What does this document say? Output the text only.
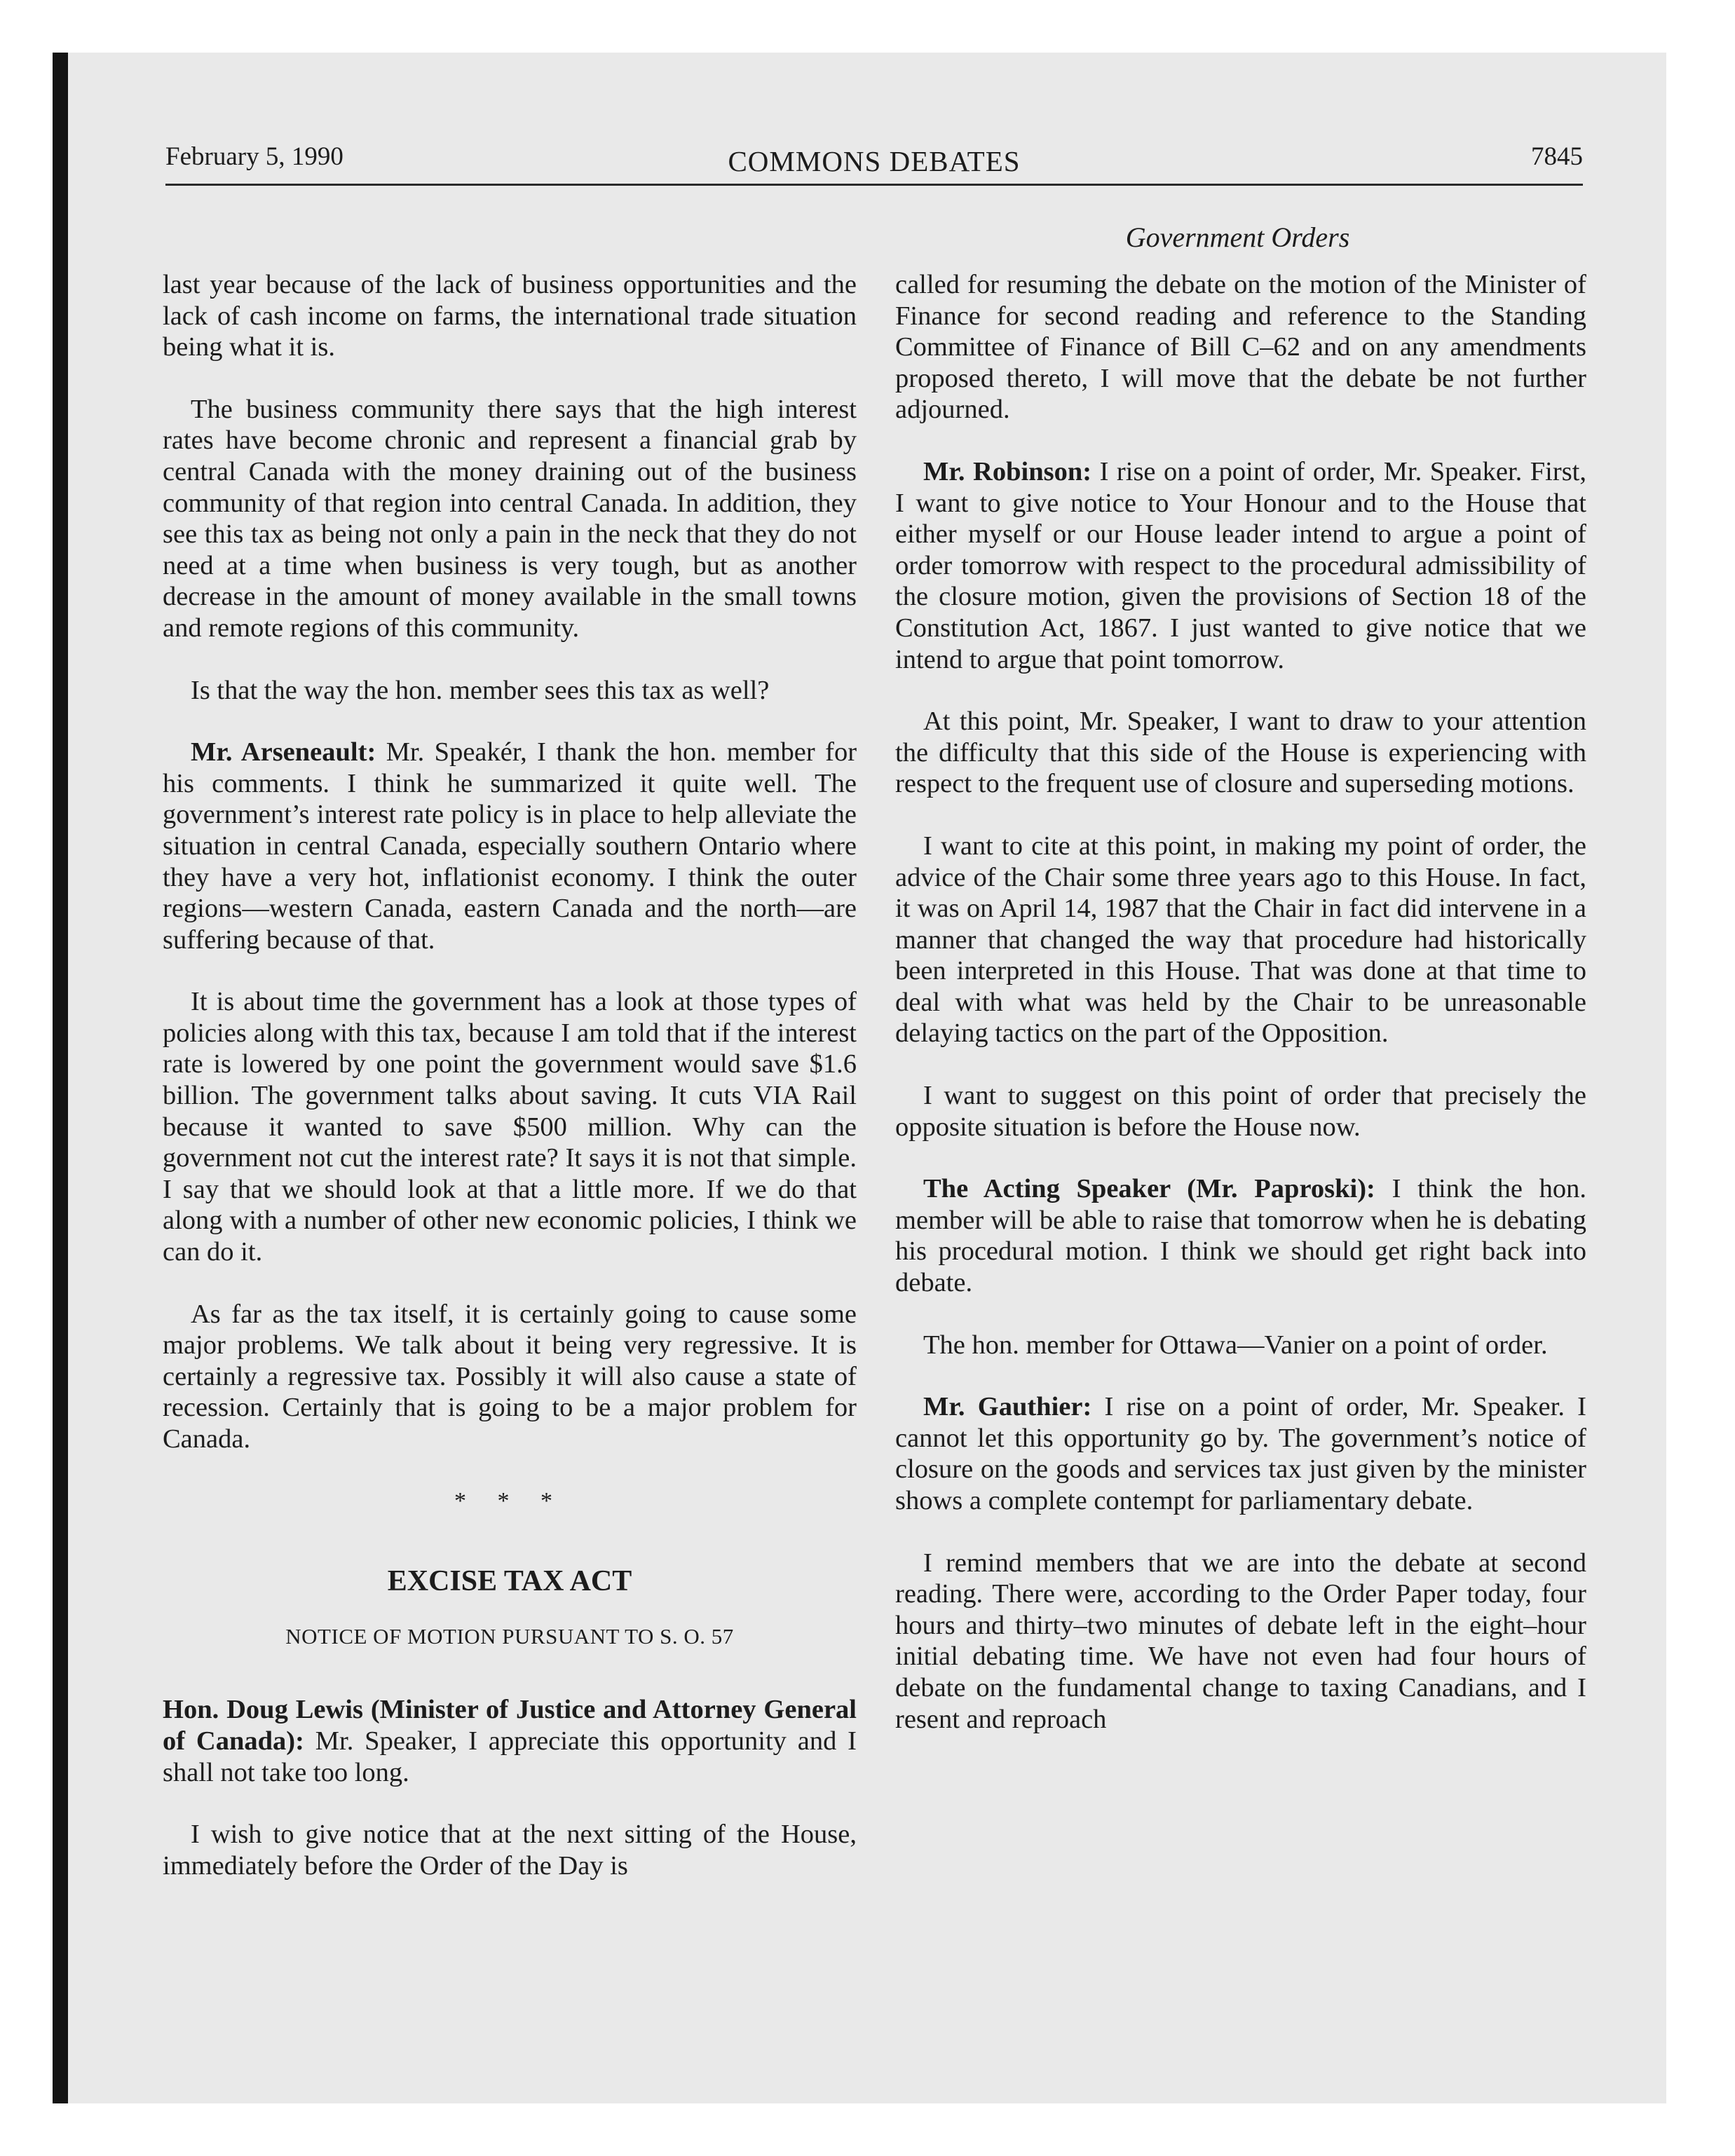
February 5, 1990	COMMONS DEBATES	7845
Government Orders

last year because of the lack of business opportunities and the lack of cash income on farms, the international trade situation being what it is.

The business community there says that the high interest rates have become chronic and represent a financial grab by central Canada with the money draining out of the business community of that region into central Canada. In addition, they see this tax as being not only a pain in the neck that they do not need at a time when business is very tough, but as another decrease in the amount of money available in the small towns and remote regions of this community.

Is that the way the hon. member sees this tax as well?

Mr. Arseneault: Mr. Speakér, I thank the hon. member for his comments. I think he summarized it quite well. The government’s interest rate policy is in place to help alleviate the situation in central Canada, especially southern Ontario where they have a very hot, inflationist economy. I think the outer regions—western Canada, eastern Canada and the north—are suffering because of that.

It is about time the government has a look at those types of policies along with this tax, because I am told that if the interest rate is lowered by one point the government would save $1.6 billion. The government talks about saving. It cuts VIA Rail because it wanted to save $500 million. Why can the government not cut the interest rate? It says it is not that simple. I say that we should look at that a little more. If we do that along with a number of other new economic policies, I think we can do it.

As far as the tax itself, it is certainly going to cause some major problems. We talk about it being very regressive. It is certainly a regressive tax. Possibly it will also cause a state of recession. Certainly that is going to be a major problem for Canada.

* * *
EXCISE TAX ACT
NOTICE OF MOTION PURSUANT TO S. O. 57

Hon. Doug Lewis (Minister of Justice and Attorney General of Canada): Mr. Speaker, I appreciate this opportunity and I shall not take too long.

I wish to give notice that at the next sitting of the House, immediately before the Order of the Day is

called for resuming the debate on the motion of the Minister of Finance for second reading and reference to the Standing Committee of Finance of Bill C–62 and on any amendments proposed thereto, I will move that the debate be not further adjourned.

Mr. Robinson: I rise on a point of order, Mr. Speaker. First, I want to give notice to Your Honour and to the House that either myself or our House leader intend to argue a point of order tomorrow with respect to the procedural admissibility of the closure motion, given the provisions of Section 18 of the Constitution Act, 1867. I just wanted to give notice that we intend to argue that point tomorrow.

At this point, Mr. Speaker, I want to draw to your attention the difficulty that this side of the House is experiencing with respect to the frequent use of closure and superseding motions.

I want to cite at this point, in making my point of order, the advice of the Chair some three years ago to this House. In fact, it was on April 14, 1987 that the Chair in fact did intervene in a manner that changed the way that procedure had historically been interpreted in this House. That was done at that time to deal with what was held by the Chair to be unreasonable delaying tactics on the part of the Opposition.

I want to suggest on this point of order that precisely the opposite situation is before the House now.

The Acting Speaker (Mr. Paproski): I think the hon. member will be able to raise that tomorrow when he is debating his procedural motion. I think we should get right back into debate.

The hon. member for Ottawa—Vanier on a point of order.

Mr. Gauthier: I rise on a point of order, Mr. Speaker. I cannot let this opportunity go by. The government’s notice of closure on the goods and services tax just given by the minister shows a complete contempt for parliamentary debate.

I remind members that we are into the debate at second reading. There were, according to the Order Paper today, four hours and thirty–two minutes of debate left in the eight–hour initial debating time. We have not even had four hours of debate on the fundamental change to taxing Canadians, and I resent and reproach
